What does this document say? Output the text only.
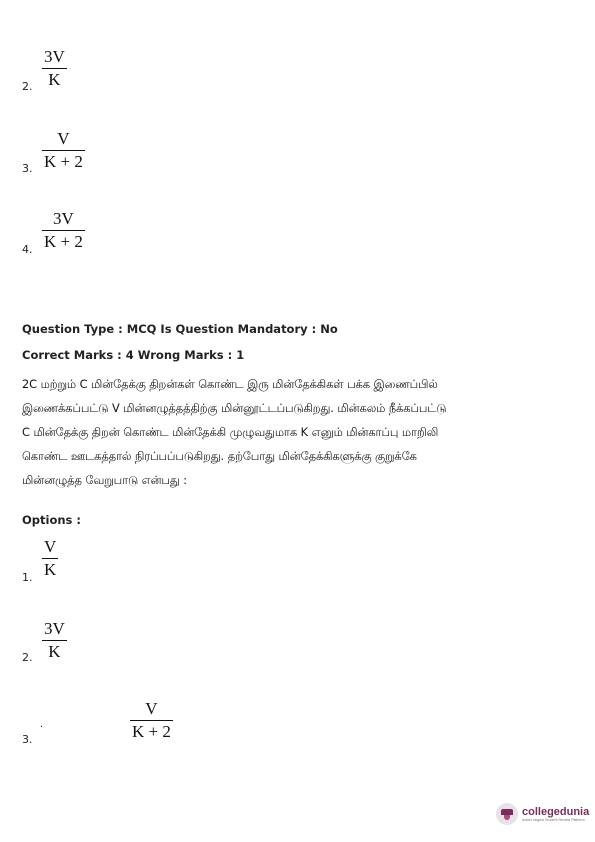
2.
3V
K
3.
V
K + 2
4.
3V
K + 2
Question Type : MCQ Is Question Mandatory : No
Correct Marks : 4 Wrong Marks : 1
2C மற்றும் C மின்தேக்கு திறன்கள் கொண்ட இரு மின்தேக்கிகள் பக்க இணைப்பில்
இணைக்கப்பட்டு V மின்னழுத்தத்திற்கு மின்னூட்டப்படுகிறது. மின்கலம் நீக்கப்பட்டு
C மின்தேக்கு திறன் கொண்ட மின்தேக்கி முழுவதுமாக K எனும் மின்காப்பு மாறிலி
கொண்ட ஊடகத்தால் நிரப்பப்படுகிறது. தற்போது மின்தேக்கிகளுக்கு குறுக்கே
மின்னழுத்த வேறுபாடு என்பது :
Options :
1.
V
K
2.
3V
K
3.
·
V
K + 2
collegedunia
India's largest Student Review Platform
